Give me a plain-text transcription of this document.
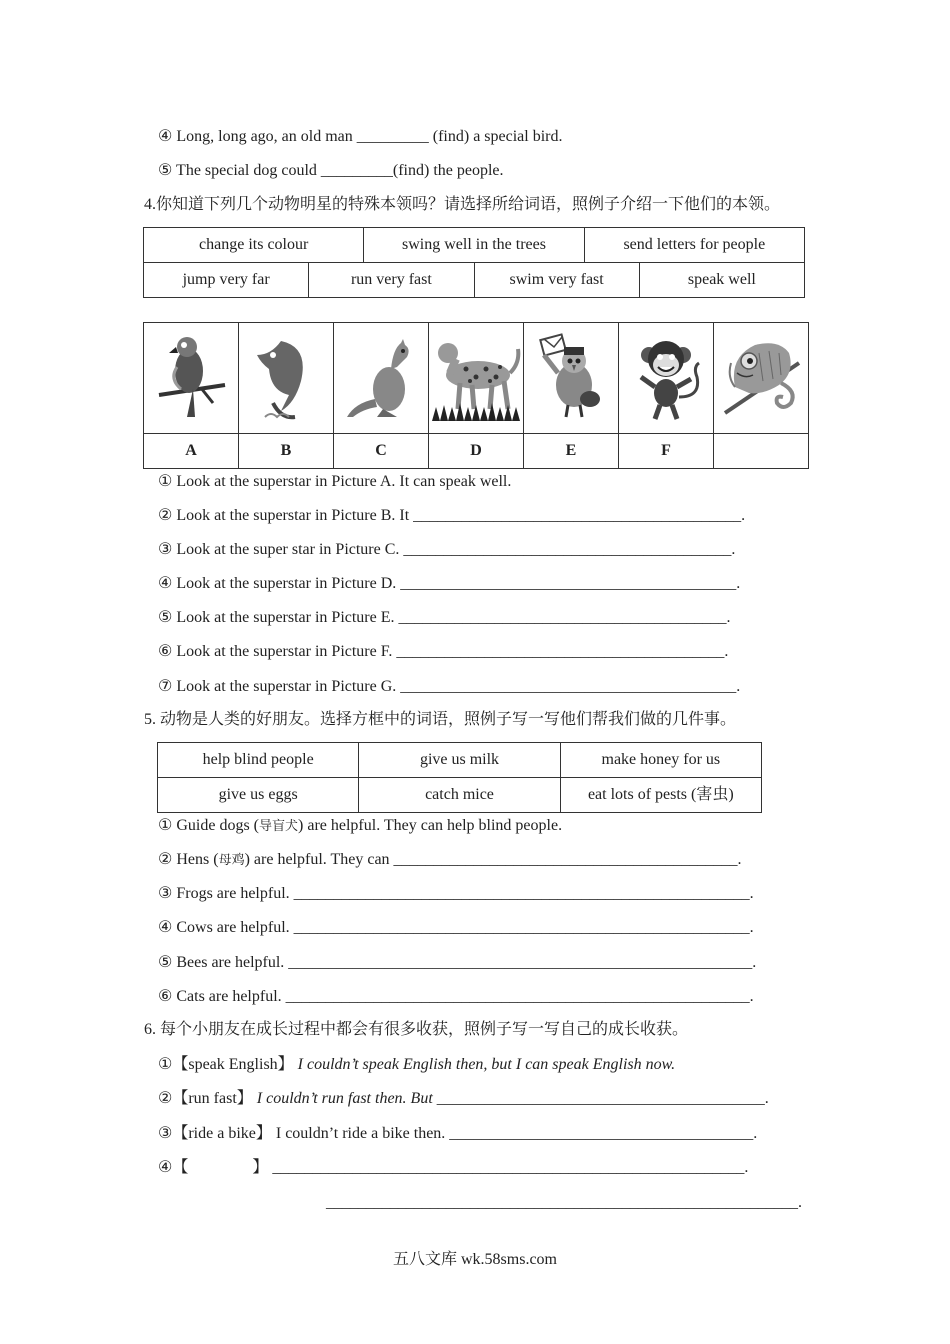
④ Long, long ago, an old man _________ (find) a special bird.
⑤ The special dog could _________(find) the people.
4.你知道下列几个动物明星的特殊本领吗？请选择所给词语，照例子介绍一下他们的本领。
change its colour	swing well in the trees	send letters for people
jump very far	run very fast	swim very fast	speak well

A	B	C	D	E	F	
① Look at the superstar in Picture A. It can speak well.
② Look at the superstar in Picture B. It _________________________________________.
③ Look at the super star in Picture C. _________________________________________.
④ Look at the superstar in Picture D. __________________________________________.
⑤ Look at the superstar in Picture E. _________________________________________.
⑥ Look at the superstar in Picture F. _________________________________________.
⑦ Look at the superstar in Picture G. __________________________________________.
5. 动物是人类的好朋友。选择方框中的词语，照例子写一写他们帮我们做的几件事。
help blind people	give us milk	make honey for us
give us eggs	catch mice	eat lots of pests (害虫)
① Guide dogs (导盲犬) are helpful. They can help blind people.
② Hens (母鸡) are helpful. They can ___________________________________________.
③ Frogs are helpful. _________________________________________________________.
④ Cows are helpful. _________________________________________________________.
⑤ Bees are helpful. __________________________________________________________.
⑥ Cats are helpful. __________________________________________________________.
6. 每个小朋友在成长过程中都会有很多收获，照例子写一写自己的成长收获。
①【speak English】 I couldn’t speak English then, but I can speak English now.
②【run fast】 I couldn’t run fast then. But _________________________________________.
③【ride a bike】 I couldn’t ride a bike then. ______________________________________.
④【　　　　】 ___________________________________________________________.
___________________________________________________________.
五八文库 wk.58sms.com
